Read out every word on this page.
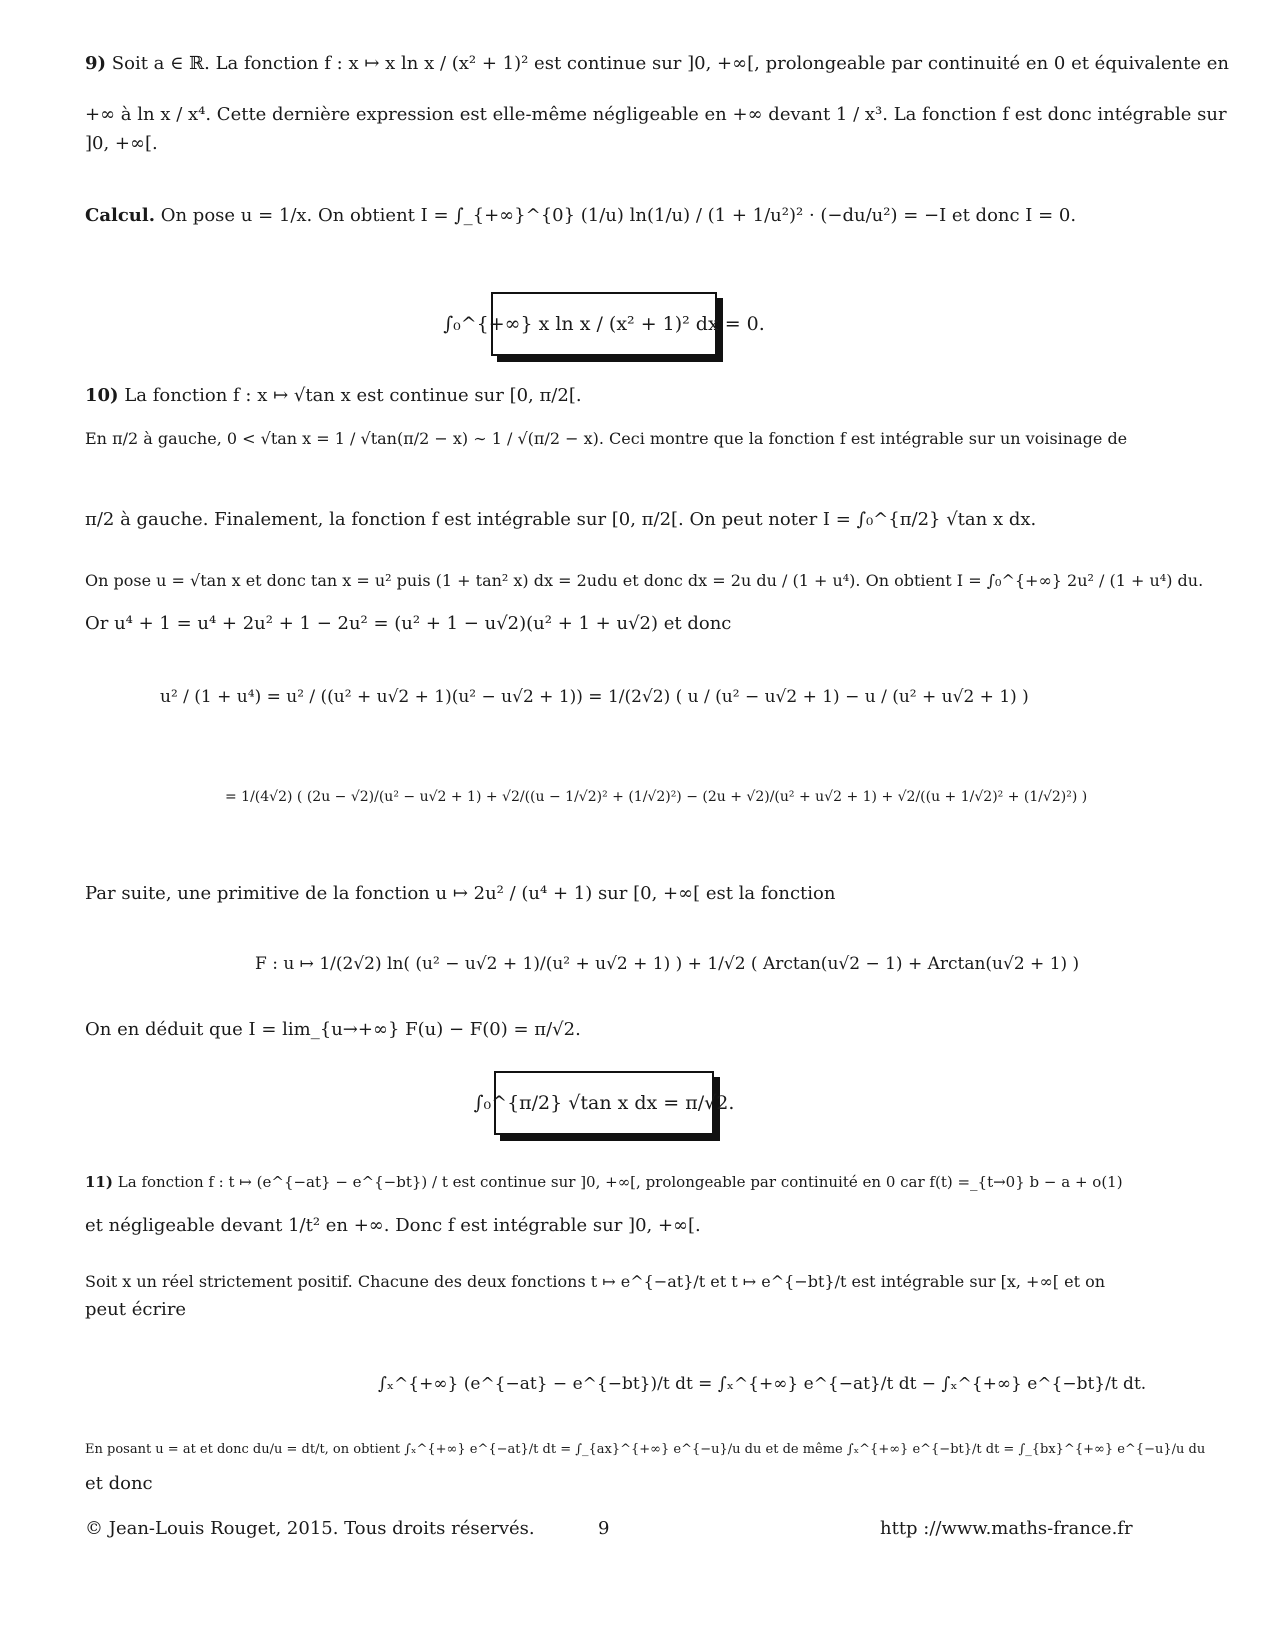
9) Soit a ∈ ℝ. La fonction f : x ↦ x ln x / (x² + 1)² est continue sur ]0, +∞[, prolongeable par continuité en 0 et équivalente en
+∞ à ln x / x⁴. Cette dernière expression est elle-même négligeable en +∞ devant 1 / x³. La fonction f est donc intégrable sur
]0, +∞[.
Calcul. On pose u = 1/x. On obtient I = ∫_{+∞}^{0} (1/u) ln(1/u) / (1 + 1/u²)² · (−du/u²) = −I et donc I = 0.
∫₀^{+∞} x ln x / (x² + 1)² dx = 0.
10) La fonction f : x ↦ √tan x est continue sur [0, π/2[.
En π/2 à gauche, 0 < √tan x = 1 / √tan(π/2 − x) ∼ 1 / √(π/2 − x). Ceci montre que la fonction f est intégrable sur un voisinage de
π/2 à gauche. Finalement, la fonction f est intégrable sur [0, π/2[. On peut noter I = ∫₀^{π/2} √tan x dx.
On pose u = √tan x et donc tan x = u² puis (1 + tan² x) dx = 2udu et donc dx = 2u du / (1 + u⁴). On obtient I = ∫₀^{+∞} 2u² / (1 + u⁴) du.
Or u⁴ + 1 = u⁴ + 2u² + 1 − 2u² = (u² + 1 − u√2)(u² + 1 + u√2) et donc
u² / (1 + u⁴) = u² / ((u² + u√2 + 1)(u² − u√2 + 1)) = 1/(2√2) ( u / (u² − u√2 + 1) − u / (u² + u√2 + 1) )
= 1/(4√2) ( (2u − √2)/(u² − u√2 + 1) + √2/((u − 1/√2)² + (1/√2)²) − (2u + √2)/(u² + u√2 + 1) + √2/((u + 1/√2)² + (1/√2)²) )
Par suite, une primitive de la fonction u ↦ 2u² / (u⁴ + 1) sur [0, +∞[ est la fonction
F : u ↦ 1/(2√2) ln( (u² − u√2 + 1)/(u² + u√2 + 1) ) + 1/√2 ( Arctan(u√2 − 1) + Arctan(u√2 + 1) )
On en déduit que I = lim_{u→+∞} F(u) − F(0) = π/√2.
∫₀^{π/2} √tan x dx = π/√2.
11) La fonction f : t ↦ (e^{−at} − e^{−bt}) / t est continue sur ]0, +∞[, prolongeable par continuité en 0 car f(t) =_{t→0} b − a + o(1)
et négligeable devant 1/t² en +∞. Donc f est intégrable sur ]0, +∞[.
Soit x un réel strictement positif. Chacune des deux fonctions t ↦ e^{−at}/t et t ↦ e^{−bt}/t est intégrable sur [x, +∞[ et on
peut écrire
∫ₓ^{+∞} (e^{−at} − e^{−bt})/t dt = ∫ₓ^{+∞} e^{−at}/t dt − ∫ₓ^{+∞} e^{−bt}/t dt.
En posant u = at et donc du/u = dt/t, on obtient ∫ₓ^{+∞} e^{−at}/t dt = ∫_{ax}^{+∞} e^{−u}/u du et de même ∫ₓ^{+∞} e^{−bt}/t dt = ∫_{bx}^{+∞} e^{−u}/u du
et donc
© Jean-Louis Rouget, 2015. Tous droits réservés.	9	http ://www.maths-france.fr
